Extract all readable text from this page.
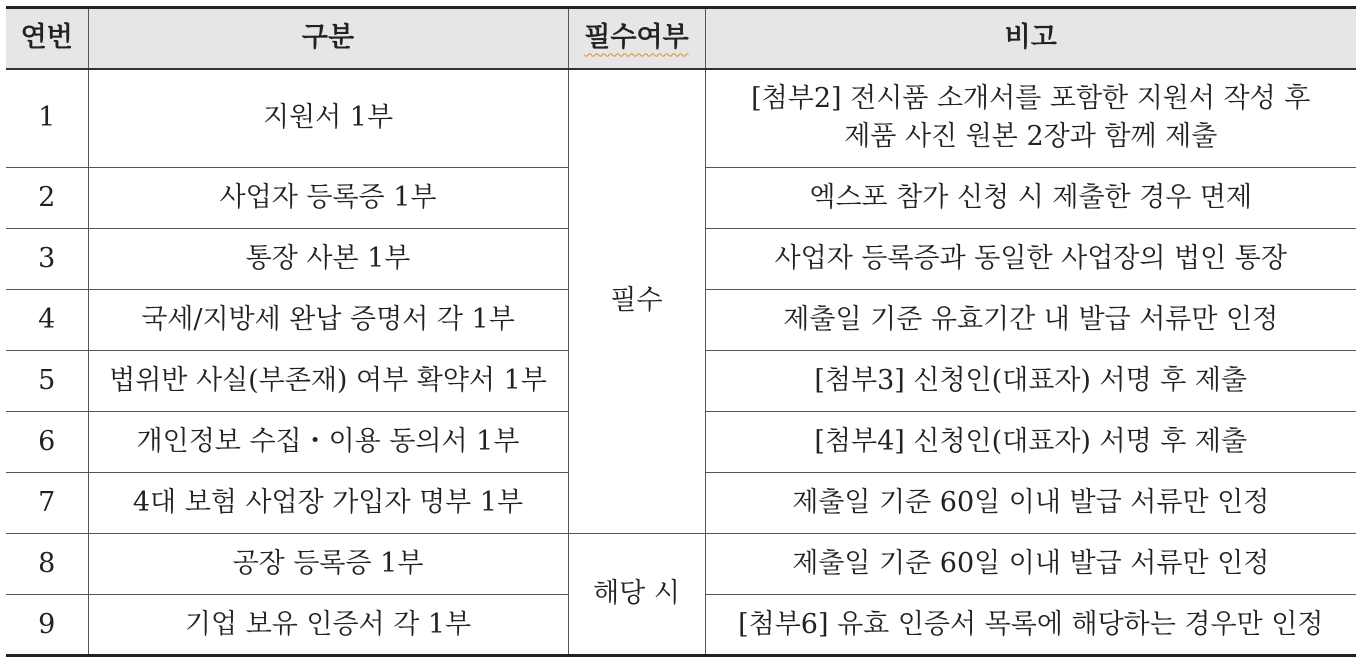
연번	구분	필수여부	비고
1	지원서 1부	필수	[첨부2] 전시품 소개서를 포함한 지원서 작성 후
제품 사진 원본 2장과 함께 제출
2	사업자 등록증 1부		엑스포 참가 신청 시 제출한 경우 면제
3	통장 사본 1부		사업자 등록증과 동일한 사업장의 법인 통장
4	국세/지방세 완납 증명서 각 1부		제출일 기준 유효기간 내 발급 서류만 인정
5	법위반 사실(부존재) 여부 확약서 1부		[첨부3] 신청인(대표자) 서명 후 제출
6	개인정보 수집・이용 동의서 1부		[첨부4] 신청인(대표자) 서명 후 제출
7	4대 보험 사업장 가입자 명부 1부		제출일 기준 60일 이내 발급 서류만 인정
8	공장 등록증 1부	해당 시	제출일 기준 60일 이내 발급 서류만 인정
9	기업 보유 인증서 각 1부		[첨부6] 유효 인증서 목록에 해당하는 경우만 인정
